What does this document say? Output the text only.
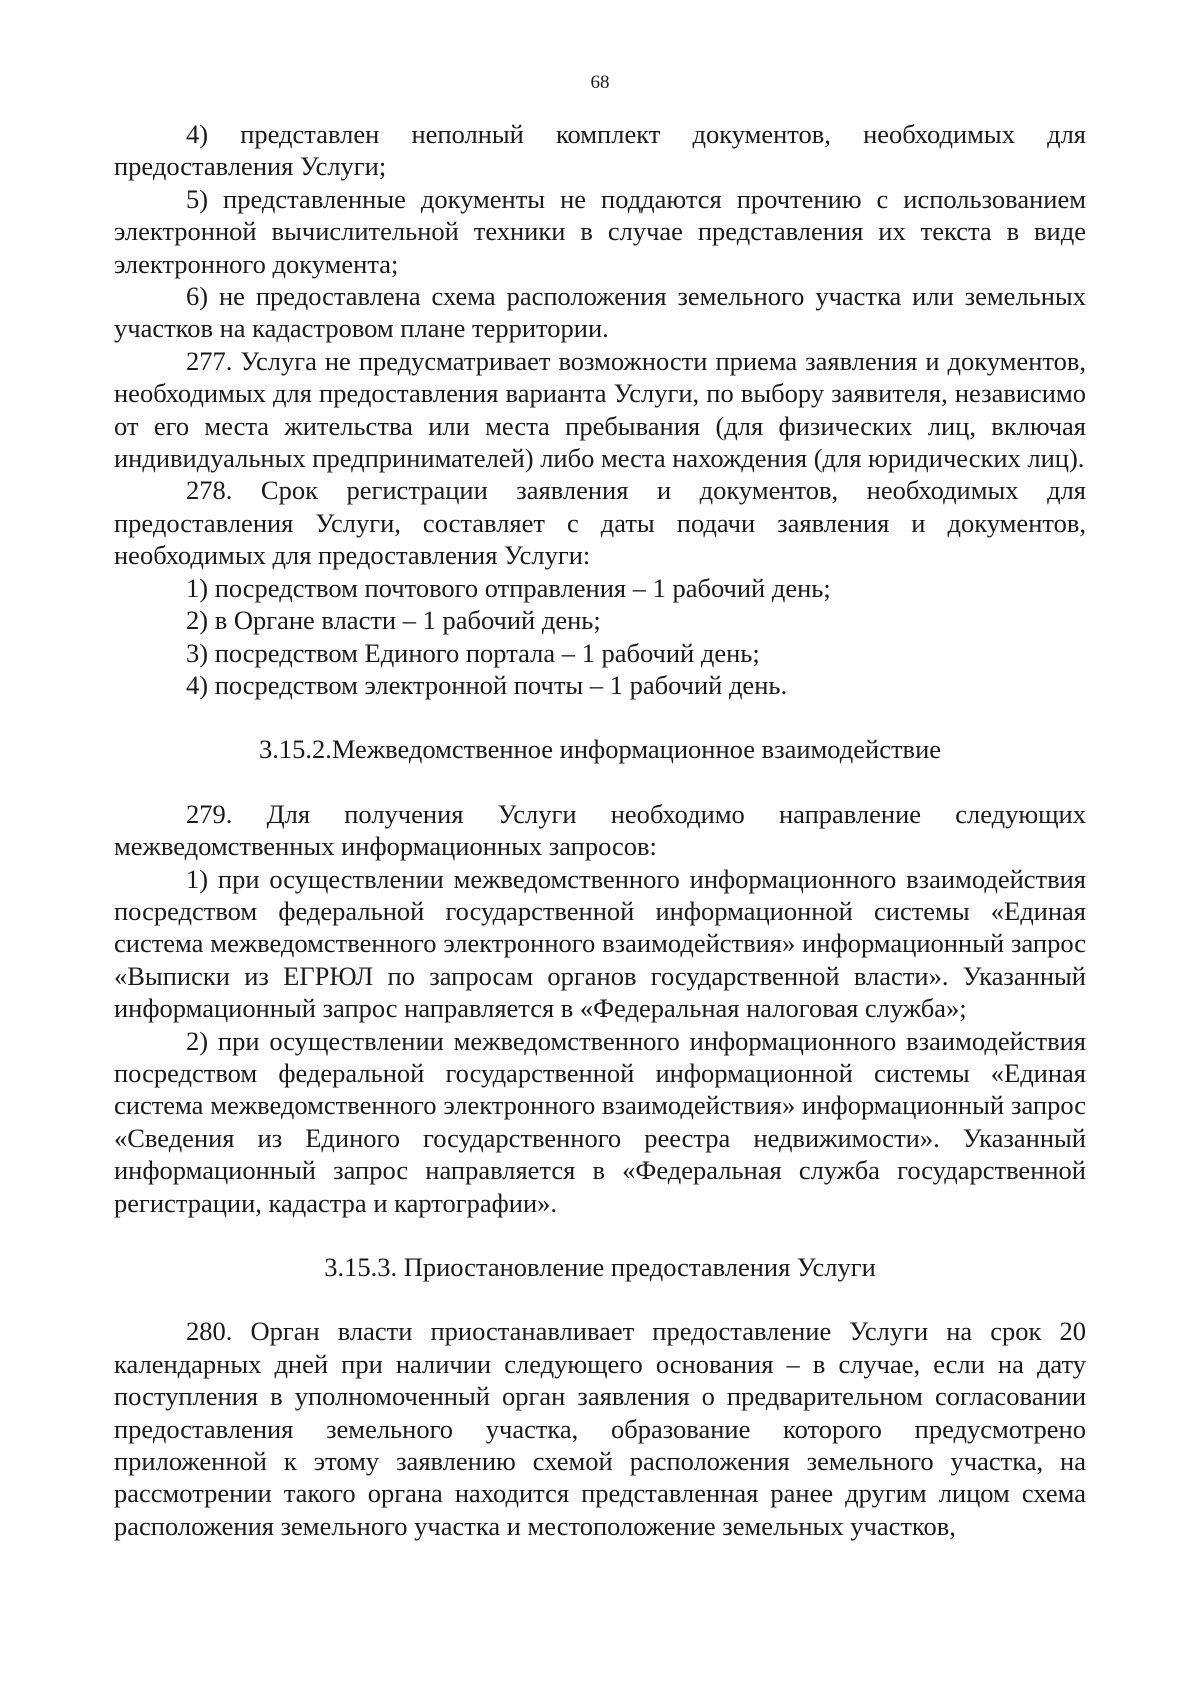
68

4) представлен неполный комплект документов, необходимых для предоставления Услуги;

5) представленные документы не поддаются прочтению с использованием электронной вычислительной техники в случае представления их текста в виде электронного документа;

6) не предоставлена схема расположения земельного участка или земельных участков на кадастровом плане территории.

277. Услуга не предусматривает возможности приема заявления и документов, необходимых для предоставления варианта Услуги, по выбору заявителя, независимо от его места жительства или места пребывания (для физических лиц, включая индивидуальных предпринимателей) либо места нахождения (для юридических лиц).

278. Срок регистрации заявления и документов, необходимых для предоставления Услуги, составляет с даты подачи заявления и документов, необходимых для предоставления Услуги:

1) посредством почтового отправления – 1 рабочий день;

2) в Органе власти – 1 рабочий день;

3) посредством Единого портала – 1 рабочий день;

4) посредством электронной почты – 1 рабочий день.

3.15.2.Межведомственное информационное взаимодействие

279. Для получения Услуги необходимо направление следующих межведомственных информационных запросов:

1) при осуществлении межведомственного информационного взаимодействия посредством федеральной государственной информационной системы «Единая система межведомственного электронного взаимодействия» информационный запрос «Выписки из ЕГРЮЛ по запросам органов государственной власти». Указанный информационный запрос направляется в «Федеральная налоговая служба»;

2) при осуществлении межведомственного информационного взаимодействия посредством федеральной государственной информационной системы «Единая система межведомственного электронного взаимодействия» информационный запрос «Сведения из Единого государственного реестра недвижимости». Указанный информационный запрос направляется в «Федеральная служба государственной регистрации, кадастра и картографии».

3.15.3. Приостановление предоставления Услуги

280. Орган власти приостанавливает предоставление Услуги на срок 20 календарных дней при наличии следующего основания – в случае, если на дату поступления в уполномоченный орган заявления о предварительном согласовании предоставления земельного участка, образование которого предусмотрено приложенной к этому заявлению схемой расположения земельного участка, на рассмотрении такого органа находится представленная ранее другим лицом схема расположения земельного участка и местоположение земельных участков,
